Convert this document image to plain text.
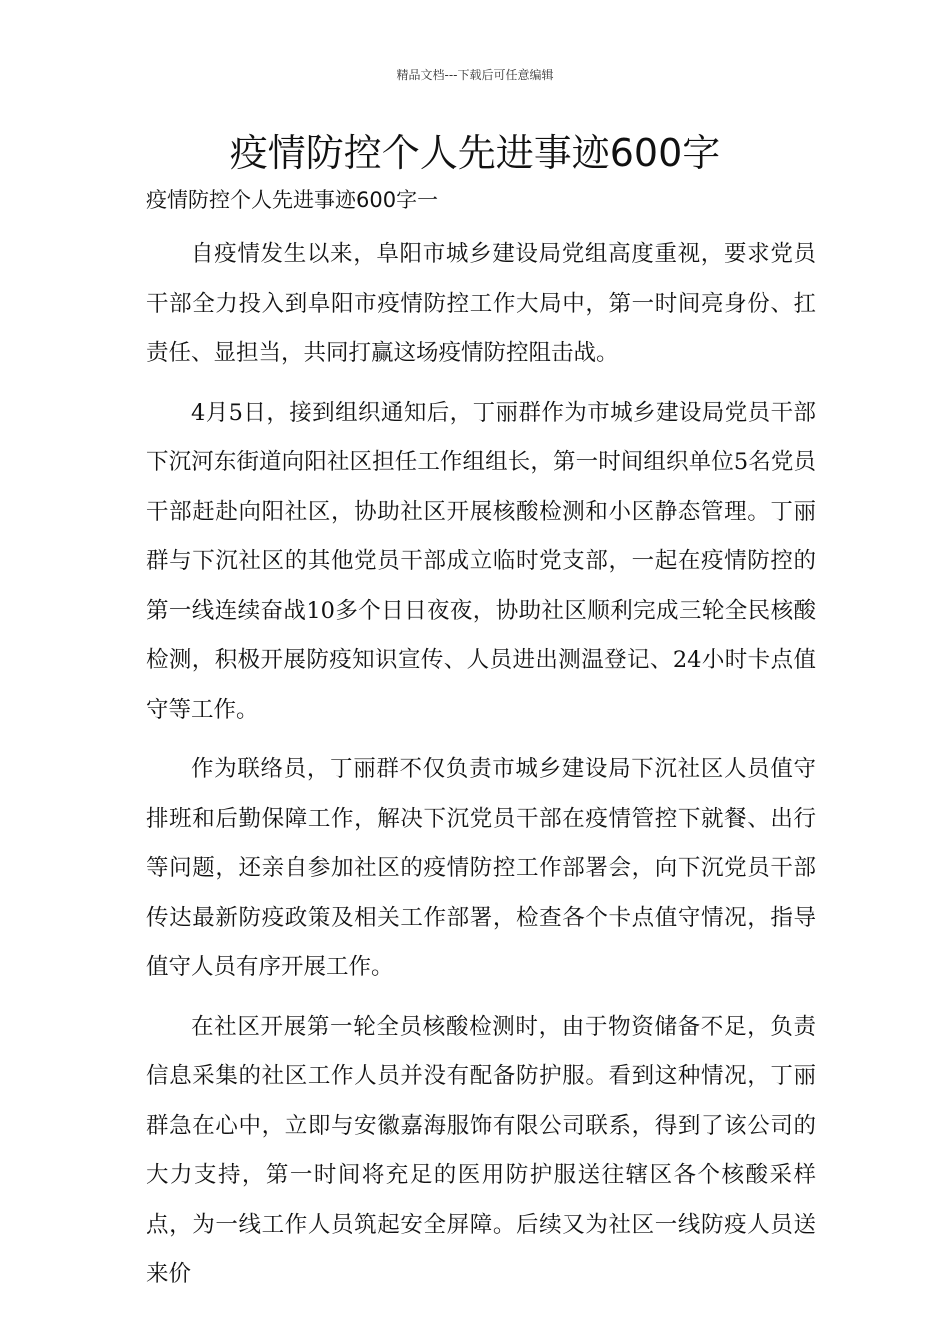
精品文档---下载后可任意编辑
疫情防控个人先进事迹600字

疫情防控个人先进事迹600字一

自疫情发生以来，阜阳市城乡建设局党组高度重视，要求党员干部全力投入到阜阳市疫情防控工作大局中，第一时间亮身份、扛责任、显担当，共同打赢这场疫情防控阻击战。

4月5日，接到组织通知后，丁丽群作为市城乡建设局党员干部下沉河东街道向阳社区担任工作组组长，第一时间组织单位5名党员干部赶赴向阳社区，协助社区开展核酸检测和小区静态管理。丁丽群与下沉社区的其他党员干部成立临时党支部，一起在疫情防控的第一线连续奋战10多个日日夜夜，协助社区顺利完成三轮全民核酸检测，积极开展防疫知识宣传、人员进出测温登记、24小时卡点值守等工作。

作为联络员，丁丽群不仅负责市城乡建设局下沉社区人员值守排班和后勤保障工作，解决下沉党员干部在疫情管控下就餐、出行等问题，还亲自参加社区的疫情防控工作部署会，向下沉党员干部传达最新防疫政策及相关工作部署，检查各个卡点值守情况，指导值守人员有序开展工作。

在社区开展第一轮全员核酸检测时，由于物资储备不足，负责信息采集的社区工作人员并没有配备防护服。看到这种情况，丁丽群急在心中，立即与安徽嘉海服饰有限公司联系，得到了该公司的大力支持，第一时间将充足的医用防护服送往辖区各个核酸采样点，为一线工作人员筑起安全屏障。后续又为社区一线防疫人员送来价
